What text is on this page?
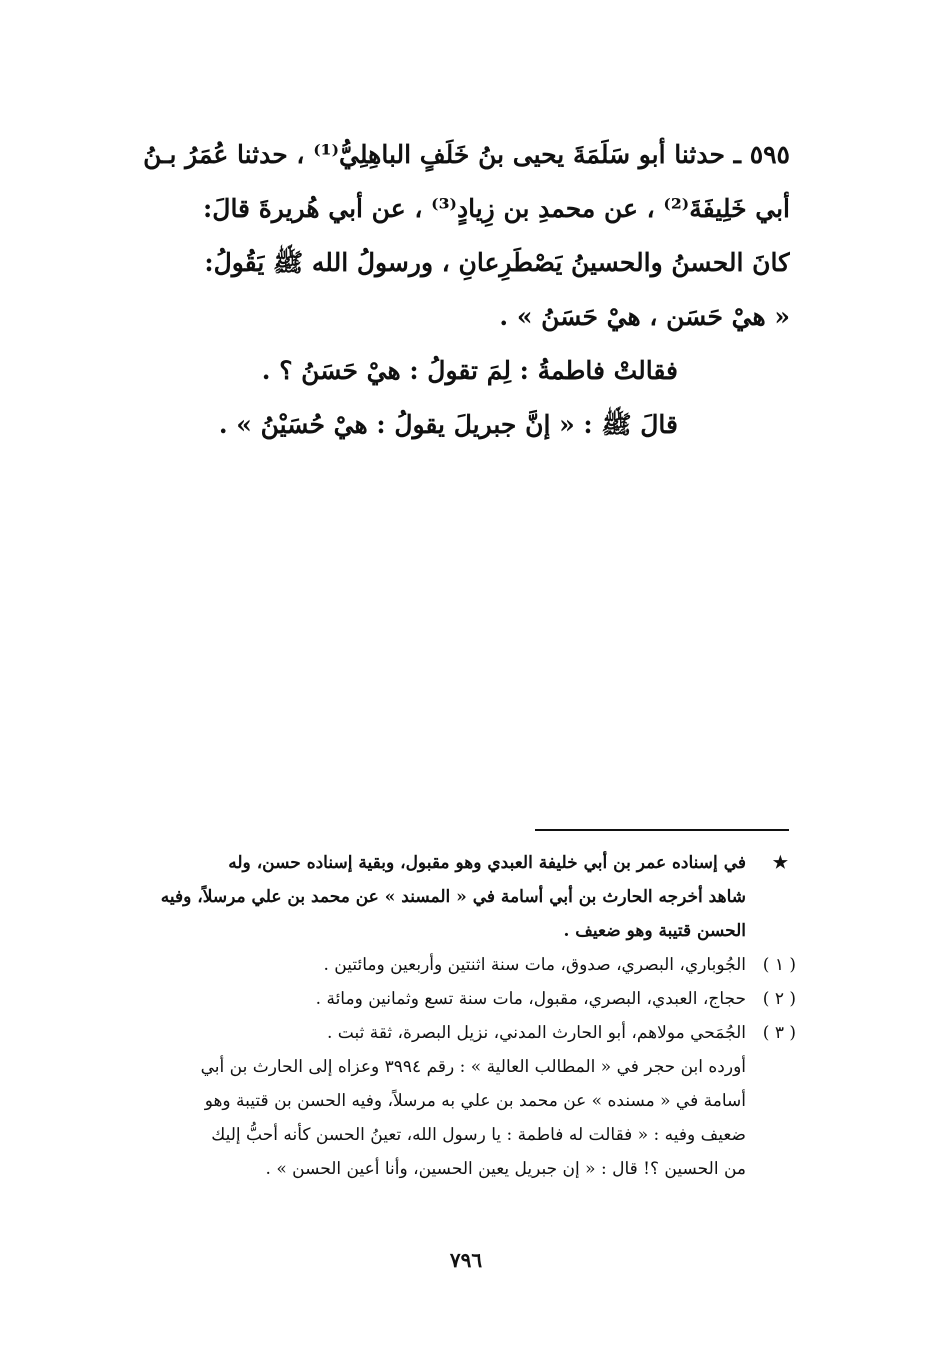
٥٩٥ ـ حدثنا أبو سَلَمَةَ يحيى بنُ خَلَفٍ الباهِلِيُّ⁽¹⁾ ، حدثنا عُمَرُ بـنُ
أبي خَلِيفَةَ⁽²⁾ ، عن محمدِ بن زِيادٍ⁽³⁾ ، عن أبي هُريرةَ قالَ:
كانَ الحسنُ والحسينُ يَصْطَرِعانِ ، ورسولُ الله ﷺ يَقُولُ:
« هيْ حَسَن ، هيْ حَسَنُ » .
فقالتْ فاطمةُ : لِمَ تقولُ : هيْ حَسَنُ ؟ .
قالَ ﷺ : « إنَّ جبريلَ يقولُ : هيْ حُسَيْنُ » .
★
في إسناده عمر بن أبي خليفة العبدي وهو مقبول، وبقية إسناده حسن، وله
شاهد أخرجه الحارث بن أبي أسامة في « المسند » عن محمد بن علي مرسلاً، وفيه
الحسن قتيبة وهو ضعيف .
( ١ )
الجُوباري، البصري، صدوق، مات سنة اثنتين وأربعين ومائتين .
( ٢ )
حجاج، العبدي، البصري، مقبول، مات سنة تسع وثمانين ومائة .
( ٣ )
الجُمَحي مولاهم، أبو الحارث المدني، نزيل البصرة، ثقة ثبت .
أورده ابن حجر في « المطالب العالية » : رقم ٣٩٩٤ وعزاه إلى الحارث بن أبي
أسامة في « مسنده » عن محمد بن علي به مرسلاً، وفيه الحسن بن قتيبة وهو
ضعيف وفيه : « فقالت له فاطمة : يا رسول الله، تعينُ الحسن كأنه أحبُّ إليك
من الحسين ؟! قال : « إن جبريل يعين الحسين، وأنا أعين الحسن » .
٧٩٦
